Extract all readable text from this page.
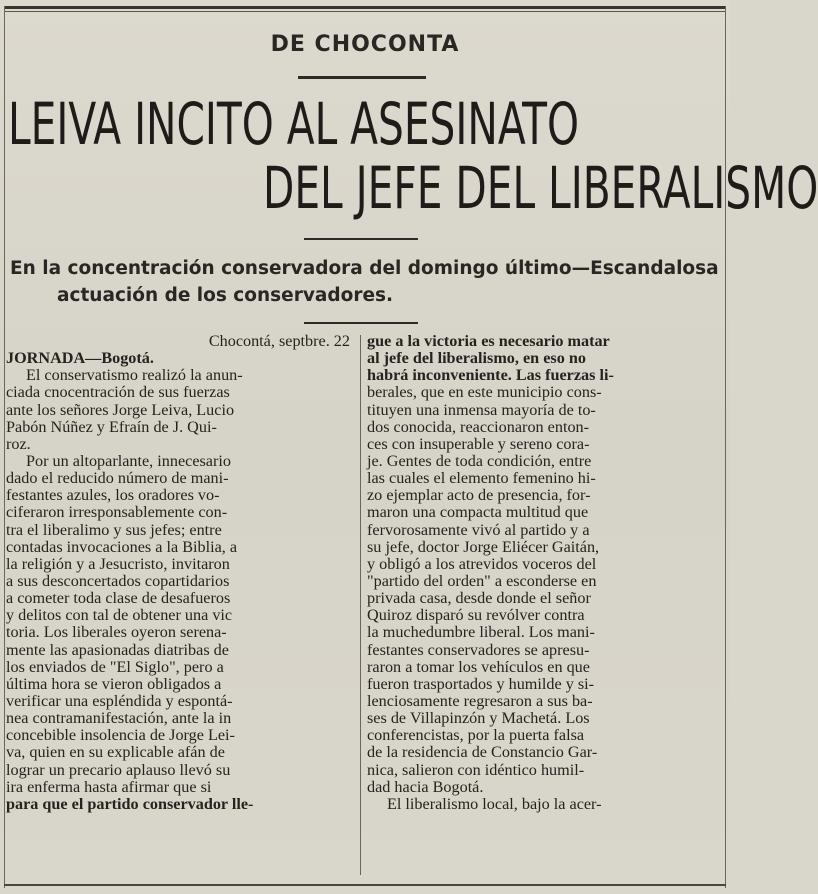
DE CHOCONTA
LEIVA INCITO AL ASESINATO
DEL JEFE DEL LIBERALISMO
En la concentración conservadora del domingo último—Escandalosa
actuación de los conservadores.
Chocontá, septbre. 22
JORNADA—Bogotá.
El conservatismo realizó la anun-
ciada cnocentración de sus fuerzas
ante los señores Jorge Leiva, Lucio
Pabón Núñez y Efraín de J. Qui-
roz.
Por un altoparlante, innecesario
dado el reducido número de mani-
festantes azules, los oradores vo-
ciferaron irresponsablemente con-
tra el liberalimo y sus jefes; entre
contadas invocaciones a la Biblia, a
la religión y a Jesucristo, invitaron
a sus desconcertados copartidarios
a cometer toda clase de desafueros
y delitos con tal de obtener una vic
toria. Los liberales oyeron serena-
mente las apasionadas diatribas de
los enviados de "El Siglo", pero a
última hora se vieron obligados a
verificar una espléndida y espontá-
nea contramanifestación, ante la in
concebible insolencia de Jorge Lei-
va, quien en su explicable afán de
lograr un precario aplauso llevó su
ira enferma hasta afirmar que si
para que el partido conservador lle-
gue a la victoria es necesario matar
al jefe del liberalismo, en eso no
habrá inconveniente. Las fuerzas li-
berales, que en este municipio cons-
tituyen una inmensa mayoría de to-
dos conocida, reaccionaron enton-
ces con insuperable y sereno cora-
je. Gentes de toda condición, entre
las cuales el elemento femenino hi-
zo ejemplar acto de presencia, for-
maron una compacta multitud que
fervorosamente vivó al partido y a
su jefe, doctor Jorge Eliécer Gaitán,
y obligó a los atrevidos voceros del
"partido del orden" a esconderse en
privada casa, desde donde el señor
Quiroz disparó su revólver contra
la muchedumbre liberal. Los mani-
festantes conservadores se apresu-
raron a tomar los vehículos en que
fueron trasportados y humilde y si-
lenciosamente regresaron a sus ba-
ses de Villapinzón y Machetá. Los
conferencistas, por la puerta falsa
de la residencia de Constancio Gar-
nica, salieron con idéntico humil-
dad hacia Bogotá.
El liberalismo local, bajo la acer-
